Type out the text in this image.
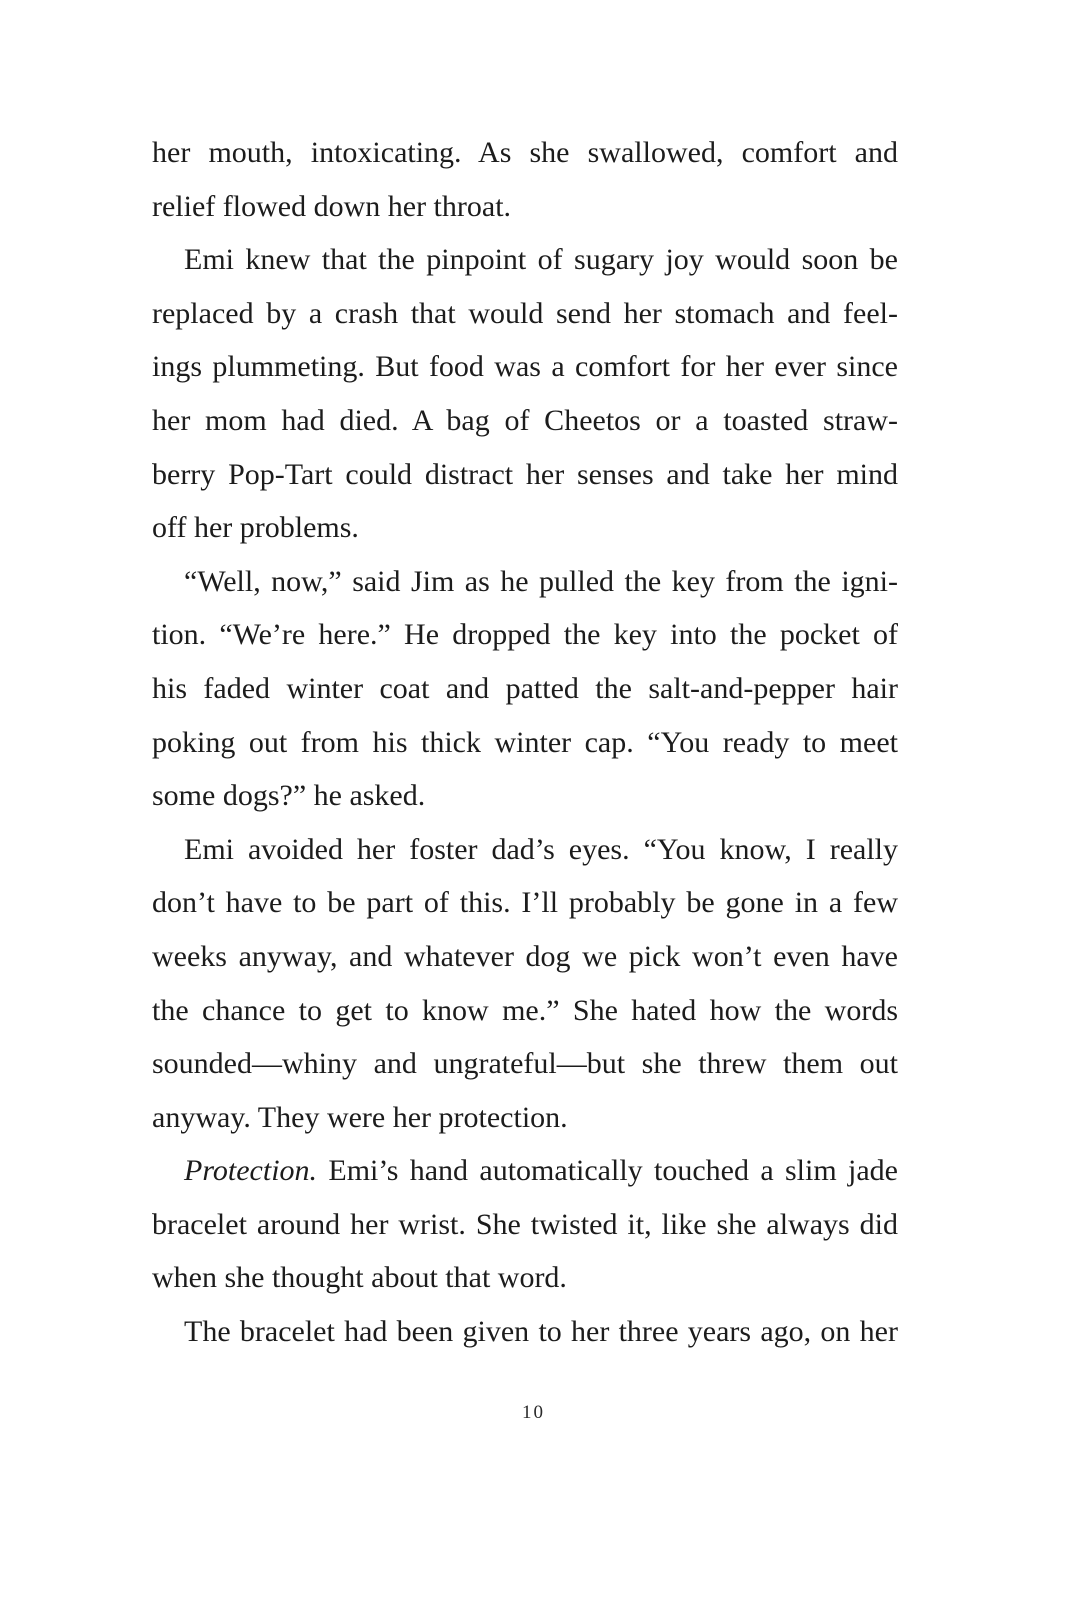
her mouth, intoxicating. As she swallowed, comfort and
relief flowed down her throat.
Emi knew that the pinpoint of sugary joy would soon be
replaced by a crash that would send her stomach and feel-
ings plummeting. But food was a comfort for her ever since
her mom had died. A bag of Cheetos or a toasted straw-
berry Pop-Tart could distract her senses and take her mind
off her problems.
“Well, now,” said Jim as he pulled the key from the igni-
tion. “We’re here.” He dropped the key into the pocket of
his faded winter coat and patted the salt-and-pepper hair
poking out from his thick winter cap. “You ready to meet
some dogs?” he asked.
Emi avoided her foster dad’s eyes. “You know, I really
don’t have to be part of this. I’ll probably be gone in a few
weeks anyway, and whatever dog we pick won’t even have
the chance to get to know me.” She hated how the words
sounded—whiny and ungrateful—but she threw them out
anyway. They were her protection.
Protection. Emi’s hand automatically touched a slim jade
bracelet around her wrist. She twisted it, like she always did
when she thought about that word.
The bracelet had been given to her three years ago, on her
10
